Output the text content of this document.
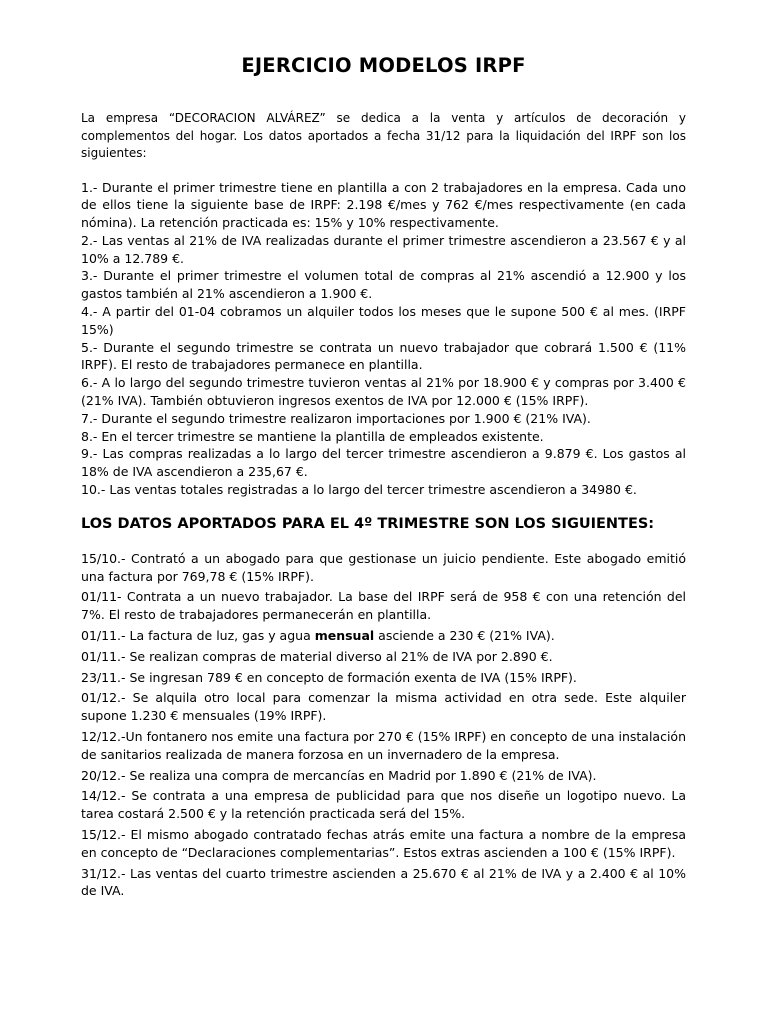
EJERCICIO MODELOS IRPF

La empresa “DECORACION ALVÁREZ” se dedica a la venta y artículos de decoración y complementos del hogar. Los datos aportados a fecha 31/12 para la liquidación del IRPF son los siguientes:

1.- Durante el primer trimestre tiene en plantilla a con 2 trabajadores en la empresa. Cada uno de ellos tiene la siguiente base de IRPF: 2.198 €/mes y 762 €/mes respectivamente (en cada nómina). La retención practicada es: 15% y 10% respectivamente.

2.- Las ventas al 21% de IVA realizadas durante el primer trimestre ascendieron a 23.567 € y al 10% a 12.789 €.

3.- Durante el primer trimestre el volumen total de compras al 21% ascendió a 12.900 y los gastos también al 21% ascendieron a 1.900 €.

4.- A partir del 01-04 cobramos un alquiler todos los meses que le supone 500 € al mes. (IRPF 15%)

5.- Durante el segundo trimestre se contrata un nuevo trabajador que cobrará 1.500 € (11% IRPF). El resto de trabajadores permanece en plantilla.

6.- A lo largo del segundo trimestre tuvieron ventas al 21% por 18.900 € y compras por 3.400 € (21% IVA). También obtuvieron ingresos exentos de IVA por 12.000 € (15% IRPF).

7.- Durante el segundo trimestre realizaron importaciones por 1.900 € (21% IVA).

8.- En el tercer trimestre se mantiene la plantilla de empleados existente.

9.- Las compras realizadas a lo largo del tercer trimestre ascendieron a 9.879 €. Los gastos al 18% de IVA ascendieron a 235,67 €.

10.- Las ventas totales registradas a lo largo del tercer trimestre ascendieron a 34980 €.

LOS DATOS APORTADOS PARA EL 4º TRIMESTRE SON LOS SIGUIENTES:

15/10.- Contrató a un abogado para que gestionase un juicio pendiente. Este abogado emitió una factura por 769,78 € (15% IRPF).

01/11- Contrata a un nuevo trabajador. La base del IRPF será de 958 € con una retención del 7%. El resto de trabajadores permanecerán en plantilla.

01/11.- La factura de luz, gas y agua mensual asciende a 230 € (21% IVA).

01/11.- Se realizan compras de material diverso al 21% de IVA por 2.890 €.

23/11.- Se ingresan 789 € en concepto de formación exenta de IVA (15% IRPF).

01/12.- Se alquila otro local para comenzar la misma actividad en otra sede. Este alquiler supone 1.230 € mensuales (19% IRPF).

12/12.-Un fontanero nos emite una factura por 270 € (15% IRPF) en concepto de una instalación de sanitarios realizada de manera forzosa en un invernadero de la empresa.

20/12.- Se realiza una compra de mercancías en Madrid por 1.890 € (21% de IVA).

14/12.- Se contrata a una empresa de publicidad para que nos diseñe un logotipo nuevo. La tarea costará 2.500 € y la retención practicada será del 15%.

15/12.- El mismo abogado contratado fechas atrás emite una factura a nombre de la empresa en concepto de “Declaraciones complementarias”. Estos extras ascienden a 100 € (15% IRPF).

31/12.- Las ventas del cuarto trimestre ascienden a 25.670 € al 21% de IVA y a 2.400 € al 10% de IVA.
